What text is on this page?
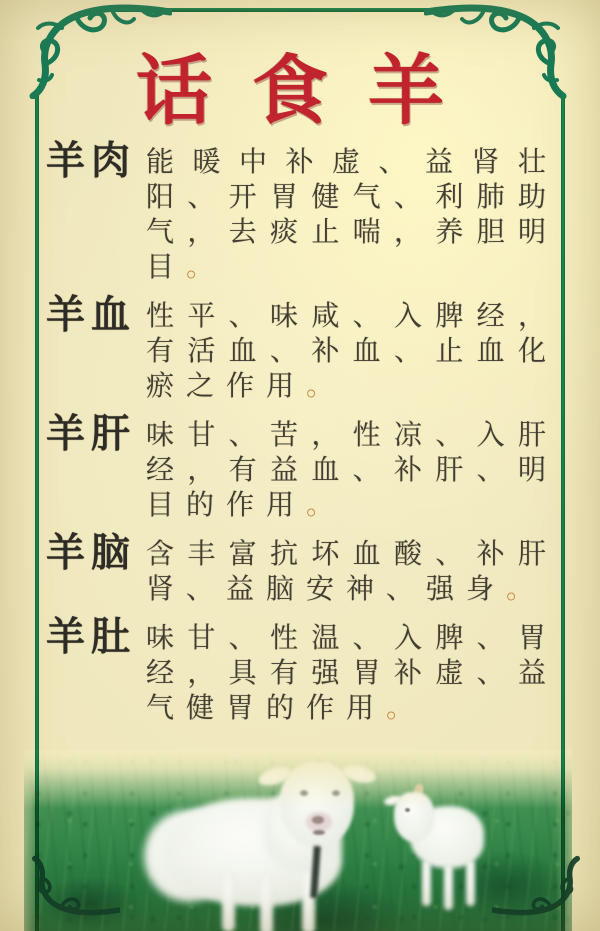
话 食 羊
羊肉 能暖中补虚、益肾壮阳、开胃健气、利肺助气，去痰止喘，养胆明目。
羊血 性平、味咸、入脾经，有活血、补血、止血化瘀之作用。
羊肝 味甘、苦，性凉、入肝经，有益血、补肝、明目的作用。
羊脑 含丰富抗坏血酸、补肝肾、益脑安神、强身。
羊肚 味甘、性温、入脾、胃经，具有强胃补虚、益气健胃的作用。
